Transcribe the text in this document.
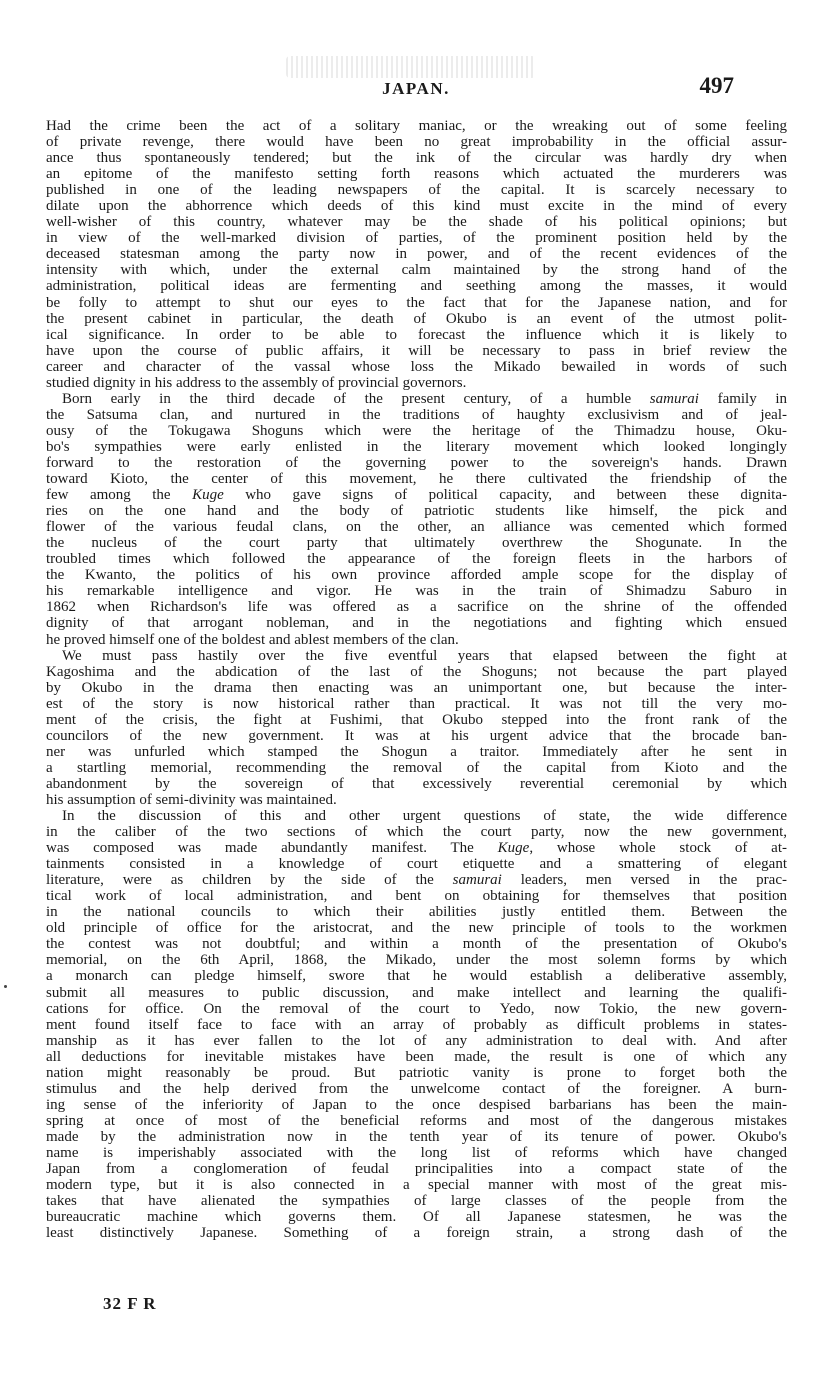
JAPAN.	497
Had the crime been the act of a solitary maniac, or the wreaking out of some feeling
of private revenge, there would have been no great improbability in the official assur-
ance thus spontaneously tendered; but the ink of the circular was hardly dry when
an epitome of the manifesto setting forth reasons which actuated the murderers was
published in one of the leading newspapers of the capital. It is scarcely necessary to
dilate upon the abhorrence which deeds of this kind must excite in the mind of every
well-wisher of this country, whatever may be the shade of his political opinions; but
in view of the well-marked division of parties, of the prominent position held by the
deceased statesman among the party now in power, and of the recent evidences of the
intensity with which, under the external calm maintained by the strong hand of the
administration, political ideas are fermenting and seething among the masses, it would
be folly to attempt to shut our eyes to the fact that for the Japanese nation, and for
the present cabinet in particular, the death of Okubo is an event of the utmost polit-
ical significance. In order to be able to forecast the influence which it is likely to
have upon the course of public affairs, it will be necessary to pass in brief review the
career and character of the vassal whose loss the Mikado bewailed in words of such
studied dignity in his address to the assembly of provincial governors.
Born early in the third decade of the present century, of a humble samurai family in
the Satsuma clan, and nurtured in the traditions of haughty exclusivism and of jeal-
ousy of the Tokugawa Shoguns which were the heritage of the Thimadzu house, Oku-
bo's sympathies were early enlisted in the literary movement which looked longingly
forward to the restoration of the governing power to the sovereign's hands. Drawn
toward Kioto, the center of this movement, he there cultivated the friendship of the
few among the Kuge who gave signs of political capacity, and between these dignita-
ries on the one hand and the body of patriotic students like himself, the pick and
flower of the various feudal clans, on the other, an alliance was cemented which formed
the nucleus of the court party that ultimately overthrew the Shogunate. In the
troubled times which followed the appearance of the foreign fleets in the harbors of
the Kwanto, the politics of his own province afforded ample scope for the display of
his remarkable intelligence and vigor. He was in the train of Shimadzu Saburo in
1862 when Richardson's life was offered as a sacrifice on the shrine of the offended
dignity of that arrogant nobleman, and in the negotiations and fighting which ensued
he proved himself one of the boldest and ablest members of the clan.
We must pass hastily over the five eventful years that elapsed between the fight at
Kagoshima and the abdication of the last of the Shoguns; not because the part played
by Okubo in the drama then enacting was an unimportant one, but because the inter-
est of the story is now historical rather than practical. It was not till the very mo-
ment of the crisis, the fight at Fushimi, that Okubo stepped into the front rank of the
councilors of the new government. It was at his urgent advice that the brocade ban-
ner was unfurled which stamped the Shogun a traitor. Immediately after he sent in
a startling memorial, recommending the removal of the capital from Kioto and the
abandonment by the sovereign of that excessively reverential ceremonial by which
his assumption of semi-divinity was maintained.
In the discussion of this and other urgent questions of state, the wide difference
in the caliber of the two sections of which the court party, now the new government,
was composed was made abundantly manifest. The Kuge, whose whole stock of at-
tainments consisted in a knowledge of court etiquette and a smattering of elegant
literature, were as children by the side of the samurai leaders, men versed in the prac-
tical work of local administration, and bent on obtaining for themselves that position
in the national councils to which their abilities justly entitled them. Between the
old principle of office for the aristocrat, and the new principle of tools to the workmen
the contest was not doubtful; and within a month of the presentation of Okubo's
memorial, on the 6th April, 1868, the Mikado, under the most solemn forms by which
a monarch can pledge himself, swore that he would establish a deliberative assembly,
submit all measures to public discussion, and make intellect and learning the qualifi-
cations for office. On the removal of the court to Yedo, now Tokio, the new govern-
ment found itself face to face with an array of probably as difficult problems in states-
manship as it has ever fallen to the lot of any administration to deal with. And after
all deductions for inevitable mistakes have been made, the result is one of which any
nation might reasonably be proud. But patriotic vanity is prone to forget both the
stimulus and the help derived from the unwelcome contact of the foreigner. A burn-
ing sense of the inferiority of Japan to the once despised barbarians has been the main-
spring at once of most of the beneficial reforms and most of the dangerous mistakes
made by the administration now in the tenth year of its tenure of power. Okubo's
name is imperishably associated with the long list of reforms which have changed
Japan from a conglomeration of feudal principalities into a compact state of the
modern type, but it is also connected in a special manner with most of the great mis-
takes that have alienated the sympathies of large classes of the people from the
bureaucratic machine which governs them. Of all Japanese statesmen, he was the
least distinctively Japanese. Something of a foreign strain, a strong dash of the
32 F R
